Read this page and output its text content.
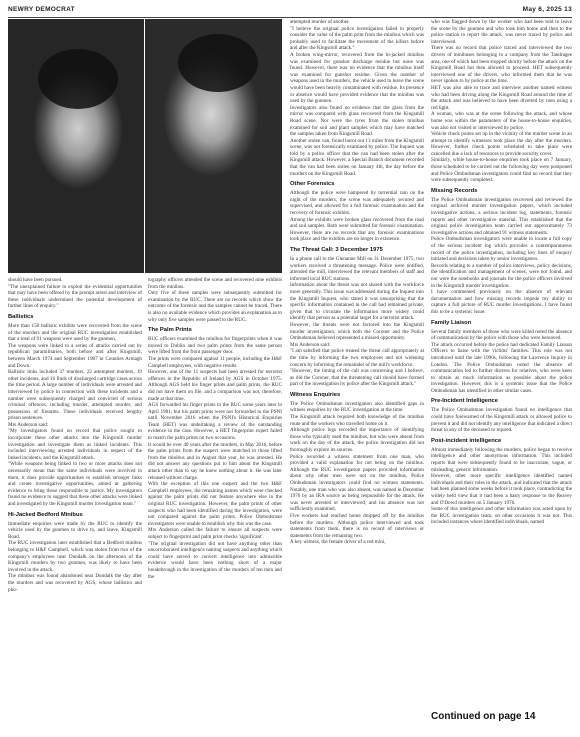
NEWRY DEMOCRAT	May 6, 2025 13

should have been pursued.

"The unexplained failure to exploit the evidential opportunities that may have been offered by the prompt arrest and interview of these individuals undermined the potential development of further lines of enquiry."

Ballistics

More than 150 ballistic exhibits were recovered from the scene of the murders and the original RUC investigation established that a total of 91 weapons were used by the gunmen.

The weapons were linked to a series of attacks carried out by republican paramilitaries, both before and after Kingsmill, between March 1974 and September 1987 in Counties Armagh and Down.

Ballistic links included 37 murders, 22 attempted murders, 19 other incidents, and 16 finds of discharged cartridge cases across the time period. A large number of individuals were arrested and interviewed by police in connection with these incidents and a number were subsequently charged and convicted of serious criminal offences, including murder, attempted murder, and possession of firearms. These individuals received lengthy prison sentences.

Mrs Anderson said:

"My investigators found no record that police sought to incorporate these other attacks into the Kingsmill murder investigation and investigate them as linked incidents. This included interviewing arrested individuals in respect of the linked incidents, and the Kingsmill attack.

"While weapons being linked to two or more attacks does not necessarily mean that the same individuals were involved in them, it does provide opportunities to establish stronger links and create investigative opportunities, aimed at gathering evidence to bring those responsible to justice. My investigators found no evidence to suggest that these other attacks were linked and investigated by the Kingsmill murder investigation team."

Hi-Jacked Bedford Minibus

Immediate enquiries were made by the RUC to identify the vehicle used by the gunmen to drive to, and leave, Kingsmill Road.

The RUC investigation later established that a Bedford minibus belonging to H&F Campbell, which was stolen from two of the company's employees near Dundalk on the afternoon of the Kingsmill murders by two gunmen, was likely to have been involved in the attack.

The minibus was found abandoned near Dundalk the day after the murders and was recovered by AGS, whose ballistics and pho-

tography officers attended the scene and recovered nine exhibits from the minibus.

Only five of these samples were subsequently submitted for examination by the RUC. There are no records which show the outcome of the forensic and the samples cannot be traced. There is also no available evidence which provides an explanation as to why only five samples were passed to the RUC.

The Palm Prints

RUC officers examined the minibus for fingerprints when it was moved to Dublin and two palm prints from the same person were lifted from the front passenger door.

The prints were compared against 11 people, including the H&F Campbell employees, with negative results.

However, one of the 11 suspects had been arrested for terrorist offences in the Republic of Ireland by AGS in October 1975. Although AGS held his finger prints and palm prints, the RUC did not have them on file, and a comparison was not, therefore, made at that time.

AGS forwarded his finger prints to the RUC some years later in April 1981, but his palm prints were not forwarded to the PSNI until November 2016 when the PSNI's Historical Enquiries Team (HET) was undertaking a review of the outstanding evidence in the case. However, a HET fingerprint expert failed to match the palm prints on two occasions.

It would be over 40 years after the murders, in May 2016, before the palm prints from the suspect were matched to those lifted from the minibus and in August that year, he was arrested. He did not answer any questions put to him about the Kingsmill attack other than to say he knew nothing about it. He was later released without charge.

With the exception of this one suspect and the two H&F Campbell employees, the remaining names which were checked against the palm prints did not feature anywhere else in the original RUC investigation. However, the palm prints of other suspects who had been identified during the investigation, were not compared against the palm prints. Police Ombudsman investigators were unable to establish why this was the case.

Mrs Anderson called the failure to ensure all suspects were subject to fingerprint and palm print checks 'significant'.

"The original investigation did not have anything other than uncorroborated intelligence naming suspects and anything which could have served to convert intelligence into admissible evidence would have been nothing short of a major breakthrough in the investigation of the murders of ten men and the

attempted murder of another.

"I believe the original police investigation failed to properly consider the value of the palm print from the minibus which was probably used to facilitate the movement of the killers before and after the Kingsmill attack."

A broken wing-mirror, recovered from the hi-jacked minibus was examined for gunshot discharge residue but none was found. However, there was no evidence that the minibus itself was examined for gunshot residue. Given the number of weapons used in the murders, the vehicle used to leave the scene would have been heavily contaminated with residue. Its presence or absence would have provided evidence that the minibus was used by the gunmen.

Investigators also found no evidence that the glass from the mirror was compared with glass recovered from the Kingsmill Road scene. Nor were the tyres from the stolen minibus examined for soil and plant samples which may have matched the samples taken from Kingsmill Road.

Another stolen van, found burnt out 13 miles from the Kingsmill scene, was not forensically examined by police. The Inquest was told by a police officer that the van had been stolen after the Kingsmill attack. However, a Special Branch document recorded that the van had been stolen on January 4th, the day before the murders on the Kingsmill Road.

Other Forensics

Although the police were hampered by torrential rain on the night of the murders, the scene was adequately secured and supervised, and allowed for a full forensic examination and the recovery of forensic exhibits.

Among the exhibits were broken glass recovered from the road and soil samples. Both were submitted for forensic examination. However, there are no records that any forensic examinations took place and the exhibits are no longer in existence.

The Threat Call: 3 December 1975

In a phone call to the Glenanne Mill on 31 December 1975, two workers received a threatening message. Police were notified, attended the mill, interviewed the relevant members of staff and informed local RUC stations.

Information about the threat was not shared with the workforce more generally. This issue was addressed during the Inquest into the Kingsmill Inquest, who stated it was unsurprising that the specific information contained in the call had remained private, given that to circulate the information more widely could identify that person as a potential target for a terrorist attack.

However, the threats were not factored into the Kingsmill murder investigation, which both the Coroner and the Police Ombudsman believed represented a missed opportunity.

Mrs Anderson said:

"I am satisfied that police treated the threat call appropriately at the time by informing the two employees and not widening concern by informing the remainder of the mill's workforce.

"However, the timing of the call was concerning and I believe, as did the Coroner, that the threatening call should have formed part of the investigation by police after the Kingsmill attack."

Witness Enquiries

The Police Ombudsman investigation also identified gaps in witness enquiries by the RUC investigation at the time.

The Kingsmill attack required both knowledge of the minibus route and the workers who travelled home on it.

Although police logs recorded the importance of identifying those who typically used the minibus, but who were absent from work on the day of the attack, the police investigation did not thoroughly explore its sources.

Police recorded a witness statement from one man, who provided a valid explanation for not being on the minibus. Although the RUC investigation papers provided information about why other men were not on the minibus, Police Ombudsman investigators could find no witness statements. Notably, one man who was also absent, was named in December 1976 by an IRA source as being responsible for the attack. He was never arrested or interviewed, and his absence was not sufficiently examined.

Five workers had reached home dropped off by the minibus before the murders. Although police interviewed and took statements from them, there is no record of interviews or statements from the remaining two.

A key witness, the female driver of a red mini,

who was flagged down by the worker who had been told to leave the scene by the gunmen and who took him home and then to the police station to report the attack, was never traced by police and interviewed.

There was no record that police traced and interviewed the two drivers of minibuses belonging to a company from the Tandragee area, one of which had been stopped shortly before the attack on the Kingsmill Road but then allowed to proceed. HET subsequently interviewed one of the drivers, who informed them that he was never spoken to by police at the time.

HET was also able to trace and interview another named witness who had been driving along the Kingsmill Road around the time of the attack and was believed to have been diverted by men using a red light.

A woman, who was at the scene following the attack, and whose home was within the parameters of the house-to-house enquiries, was also not visited or interviewed by police.

Vehicle check points set up in the vicinity of the murder scene in an attempt to identify witnesses took place the day after the murders. However, further check points scheduled to take place were cancelled due a lack of resources to provide security cover.

Similarly, while house-to-house enquiries took place on 7 January, those scheduled to be carried out the following day were postponed and Police Ombudsman investigators could find no record that they were subsequently completed.

Missing Records

The Police Ombudsman investigation recovered and reviewed the original archived murder investigation papers, which included investigative actions, a serious incident log, statements, forensic reports and other investigative material. This established that the original police investigation team carried out approximately 73 investigative actions and obtained 91 witness statements.

Police Ombudsman investigators were unable to locate a full copy of the serious incident log which provides a contemporaneous record of the police investigation, including key lines of enquiry initiated and decisions taken by senior investigators.

Records relating to a number of police interviews, policy decisions, the identification and management of scenes, were not found, and nor were the notebooks and journals for the police officers involved in the Kingsmill murder investigation.

I have commented previously on the absence of relevant documentation and how missing records impede my ability to capture a full picture of RUC murder investigations. I have found this to be a systemic issue.

Family Liaison

Several family members of those who were killed noted the absence of communication by the police with those who were bereaved.

The attack occurred before the police had dedicated Family Liaison Officers to liaise with the victims' families. This role was not introduced until the late 1990s, following the Lawrence Inquiry in London. The Police Ombudsman noted the absence of communication led to further distress for relatives, who were keen to obtain as much information as possible about the police investigation. However, this is a systemic issue that the Police Ombudsman has identified in other similar cases.

Pre-Incident Intelligence

The Police Ombudsman investigation found no intelligence that could have forewarned of the Kingsmill attack or allowed police to prevent it and did not identify any intelligence that indicated a direct threat to any of the deceased or injured.

Post-incident intelligence

Almost immediately following the murders, police began to receive intelligence and other anonymous information. This included reports that were subsequently found to be inaccurate, vague, or misleading, generic information.

However, other more specific intelligence identified named individuals and their roles in the attack, and indicated that the attack had been planned some weeks before it took place, contradicting the widely held view that it had been a hasty response to the Reavey and O'Dowd murders on 5 January 1976.

Some of this intelligence and other information was acted upon by the RUC investigation team, on other occasions it was not. This included instances where identified individuals, named

Continued on page 14
